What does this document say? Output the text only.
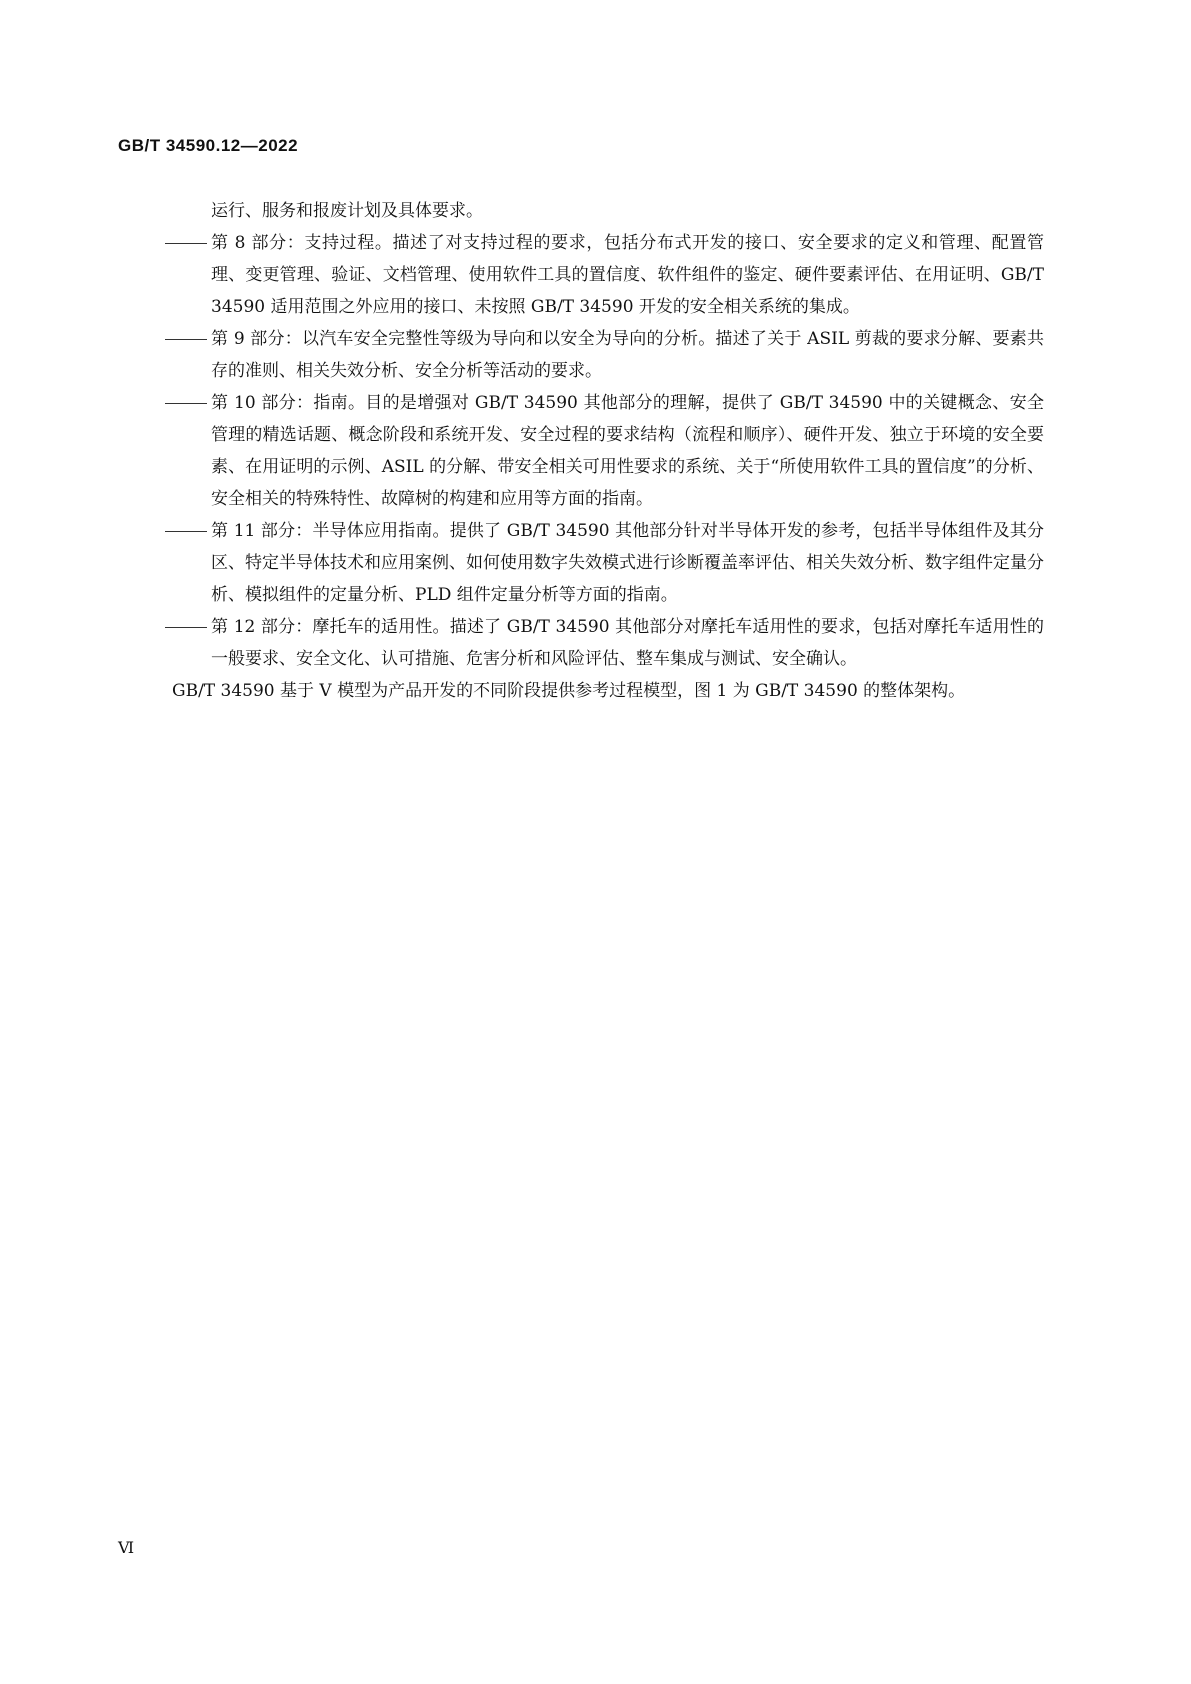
GB/T 34590.12—2022
运行、服务和报废计划及具体要求。
第 8 部分：支持过程。描述了对支持过程的要求，包括分布式开发的接口、安全要求的定义和管理、配置管理、变更管理、验证、文档管理、使用软件工具的置信度、软件组件的鉴定、硬件要素评估、在用证明、GB/T 34590 适用范围之外应用的接口、未按照 GB/T 34590 开发的安全相关系统的集成。
第 9 部分：以汽车安全完整性等级为导向和以安全为导向的分析。描述了关于 ASIL 剪裁的要求分解、要素共存的准则、相关失效分析、安全分析等活动的要求。
第 10 部分：指南。目的是增强对 GB/T 34590 其他部分的理解，提供了 GB/T 34590 中的关键概念、安全管理的精选话题、概念阶段和系统开发、安全过程的要求结构（流程和顺序）、硬件开发、独立于环境的安全要素、在用证明的示例、ASIL 的分解、带安全相关可用性要求的系统、关于“所使用软件工具的置信度”的分析、安全相关的特殊特性、故障树的构建和应用等方面的指南。
第 11 部分：半导体应用指南。提供了 GB/T 34590 其他部分针对半导体开发的参考，包括半导体组件及其分区、特定半导体技术和应用案例、如何使用数字失效模式进行诊断覆盖率评估、相关失效分析、数字组件定量分析、模拟组件的定量分析、PLD 组件定量分析等方面的指南。
第 12 部分：摩托车的适用性。描述了 GB/T 34590 其他部分对摩托车适用性的要求，包括对摩托车适用性的一般要求、安全文化、认可措施、危害分析和风险评估、整车集成与测试、安全确认。

GB/T 34590 基于 V 模型为产品开发的不同阶段提供参考过程模型，图 1 为 GB/T 34590 的整体架构。

Ⅵ
